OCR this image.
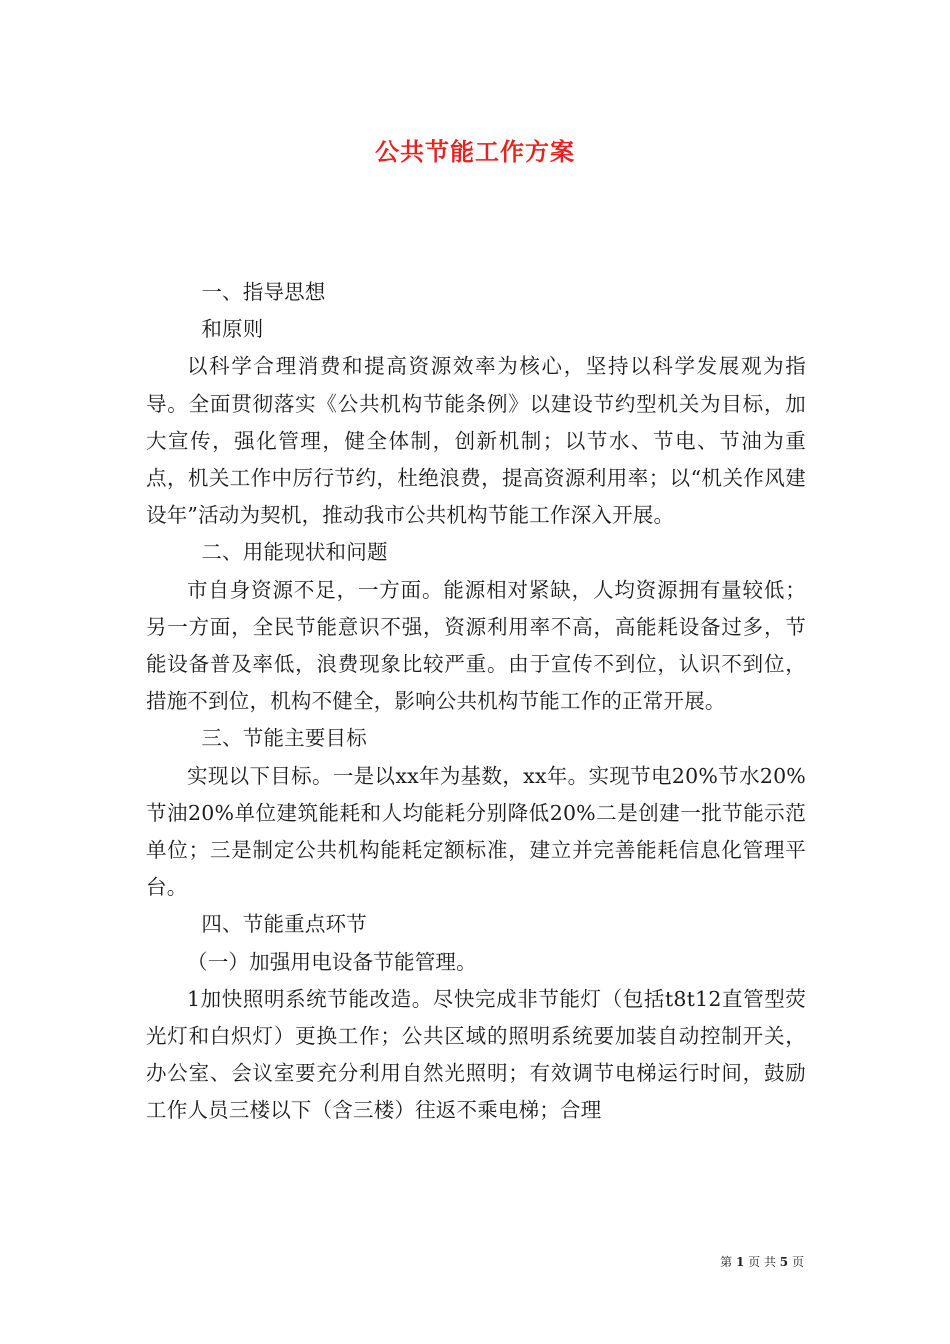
公共节能工作方案

一、指导思想

和原则

以科学合理消费和提高资源效率为核心，坚持以科学发展观为指导。全面贯彻落实《公共机构节能条例》以建设节约型机关为目标，加大宣传，强化管理，健全体制，创新机制；以节水、节电、节油为重点，机关工作中厉行节约，杜绝浪费，提高资源利用率；以“机关作风建设年”活动为契机，推动我市公共机构节能工作深入开展。

二、用能现状和问题

市自身资源不足，一方面。能源相对紧缺，人均资源拥有量较低；另一方面，全民节能意识不强，资源利用率不高，高能耗设备过多，节能设备普及率低，浪费现象比较严重。由于宣传不到位，认识不到位，措施不到位，机构不健全，影响公共机构节能工作的正常开展。

三、节能主要目标

实现以下目标。一是以xx年为基数，xx年。实现节电20%节水20%节油20%单位建筑能耗和人均能耗分别降低20%二是创建一批节能示范单位；三是制定公共机构能耗定额标准，建立并完善能耗信息化管理平台。

四、节能重点环节

（一）加强用电设备节能管理。

1加快照明系统节能改造。尽快完成非节能灯（包括t8t12直管型荧光灯和白炽灯）更换工作；公共区域的照明系统要加装自动控制开关，办公室、会议室要充分利用自然光照明；有效调节电梯运行时间，鼓励工作人员三楼以下（含三楼）往返不乘电梯；合理

第 1 页 共 5 页
